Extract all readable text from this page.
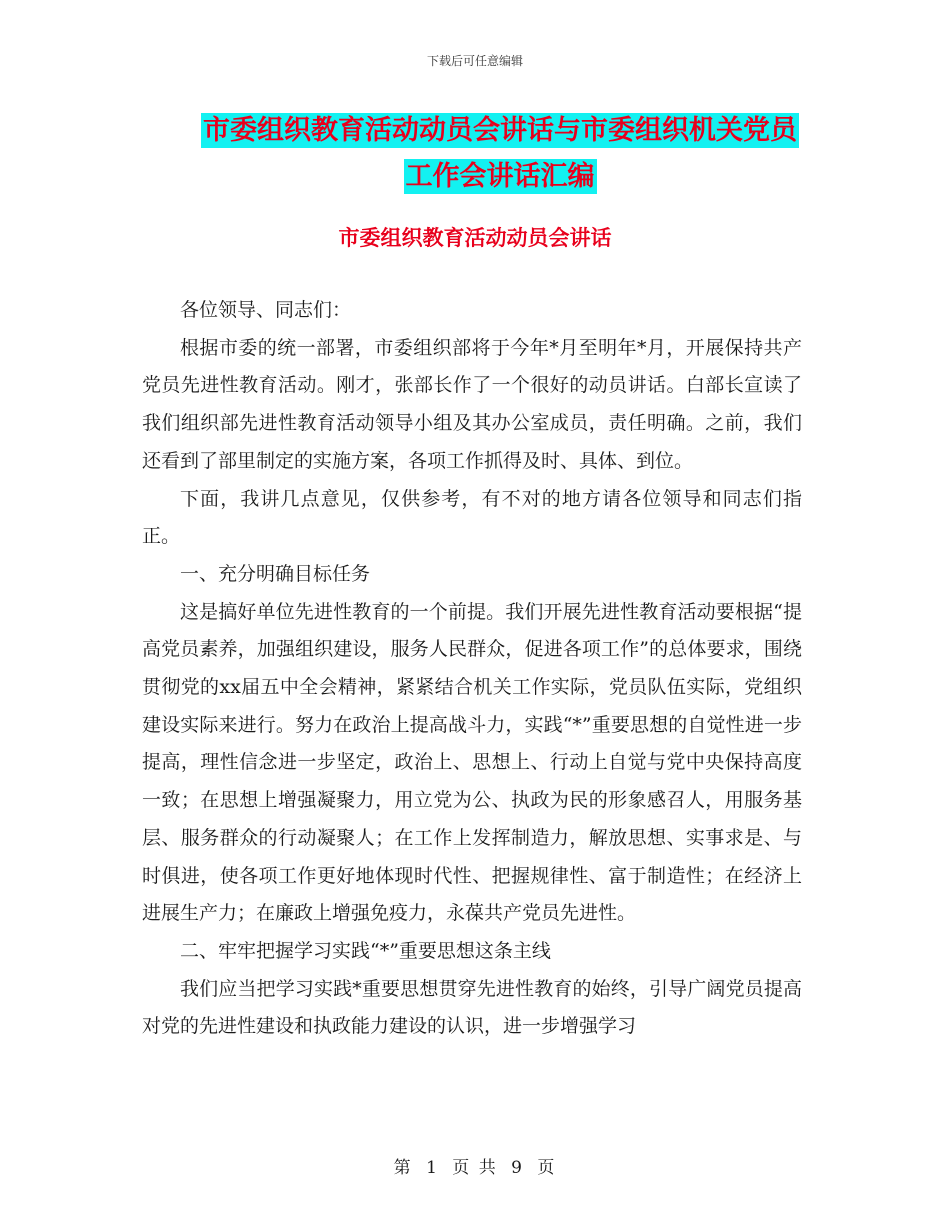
下载后可任意编辑
市委组织教育活动动员会讲话与市委组织机关党员工作会讲话汇编
市委组织教育活动动员会讲话

各位领导、同志们：

根据市委的统一部署，市委组织部将于今年*月至明年*月，开展保持共产党员先进性教育活动。刚才，张部长作了一个很好的动员讲话。白部长宣读了我们组织部先进性教育活动领导小组及其办公室成员，责任明确。之前，我们还看到了部里制定的实施方案，各项工作抓得及时、具体、到位。

下面，我讲几点意见，仅供参考，有不对的地方请各位领导和同志们指正。

一、充分明确目标任务

这是搞好单位先进性教育的一个前提。我们开展先进性教育活动要根据“提高党员素养，加强组织建设，服务人民群众，促进各项工作”的总体要求，围绕贯彻党的xx届五中全会精神，紧紧结合机关工作实际，党员队伍实际，党组织建设实际来进行。努力在政治上提高战斗力，实践“*”重要思想的自觉性进一步提高，理性信念进一步坚定，政治上、思想上、行动上自觉与党中央保持高度一致；在思想上增强凝聚力，用立党为公、执政为民的形象感召人，用服务基层、服务群众的行动凝聚人；在工作上发挥制造力，解放思想、实事求是、与时俱进，使各项工作更好地体现时代性、把握规律性、富于制造性；在经济上进展生产力；在廉政上增强免疫力，永葆共产党员先进性。

二、牢牢把握学习实践“*”重要思想这条主线

我们应当把学习实践*重要思想贯穿先进性教育的始终，引导广阔党员提高对党的先进性建设和执政能力建设的认识，进一步增强学习

第 1 页 共 9 页
